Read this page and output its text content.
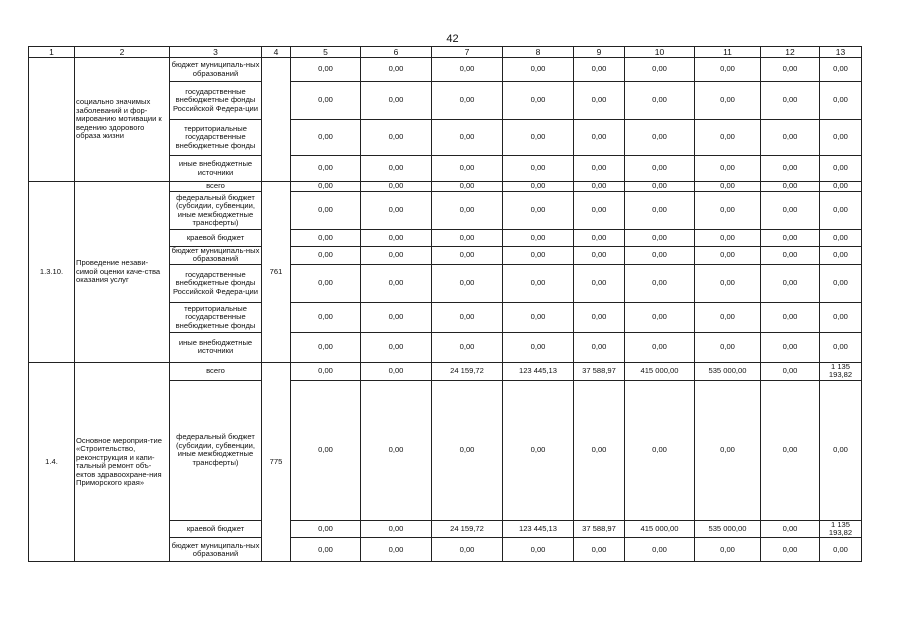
42
1	2	3	4	5	6	7	8	9	10	11	12	13
	социально значимых заболеваний и фор-мированию мотивации к ведению здорового образа жизни	бюджет муниципаль-ных образований		0,00	0,00	0,00	0,00	0,00	0,00	0,00	0,00	0,00
		государственные внебюджетные фонды Российской Федера-ции		0,00	0,00	0,00	0,00	0,00	0,00	0,00	0,00	0,00
		территориальные государственные внебюджетные фонды		0,00	0,00	0,00	0,00	0,00	0,00	0,00	0,00	0,00
		иные внебюджетные источники		0,00	0,00	0,00	0,00	0,00	0,00	0,00	0,00	0,00
1.3.10.	Проведение незави-симой оценки каче-ства оказания услуг	всего	761	0,00	0,00	0,00	0,00	0,00	0,00	0,00	0,00	0,00
		федеральный бюджет (субсидии, субвенции, иные межбюджетные трансферты)		0,00	0,00	0,00	0,00	0,00	0,00	0,00	0,00	0,00
		краевой бюджет		0,00	0,00	0,00	0,00	0,00	0,00	0,00	0,00	0,00
		бюджет муниципаль-ных образований		0,00	0,00	0,00	0,00	0,00	0,00	0,00	0,00	0,00
		государственные внебюджетные фонды Российской Федера-ции		0,00	0,00	0,00	0,00	0,00	0,00	0,00	0,00	0,00
		территориальные государственные внебюджетные фонды		0,00	0,00	0,00	0,00	0,00	0,00	0,00	0,00	0,00
		иные внебюджетные источники		0,00	0,00	0,00	0,00	0,00	0,00	0,00	0,00	0,00
1.4.	Основное мероприя-тие «Строительство, реконструкция и капи-тальный ремонт объ-ектов здравоохране-ния Приморского края»	всего	775	0,00	0,00	24 159,72	123 445,13	37 588,97	415 000,00	535 000,00	0,00	1 135 193,82
		федеральный бюджет (субсидии, субвенции, иные межбюджетные трансферты)		0,00	0,00	0,00	0,00	0,00	0,00	0,00	0,00	0,00
		краевой бюджет		0,00	0,00	24 159,72	123 445,13	37 588,97	415 000,00	535 000,00	0,00	1 135 193,82
		бюджет муниципаль-ных образований		0,00	0,00	0,00	0,00	0,00	0,00	0,00	0,00	0,00
